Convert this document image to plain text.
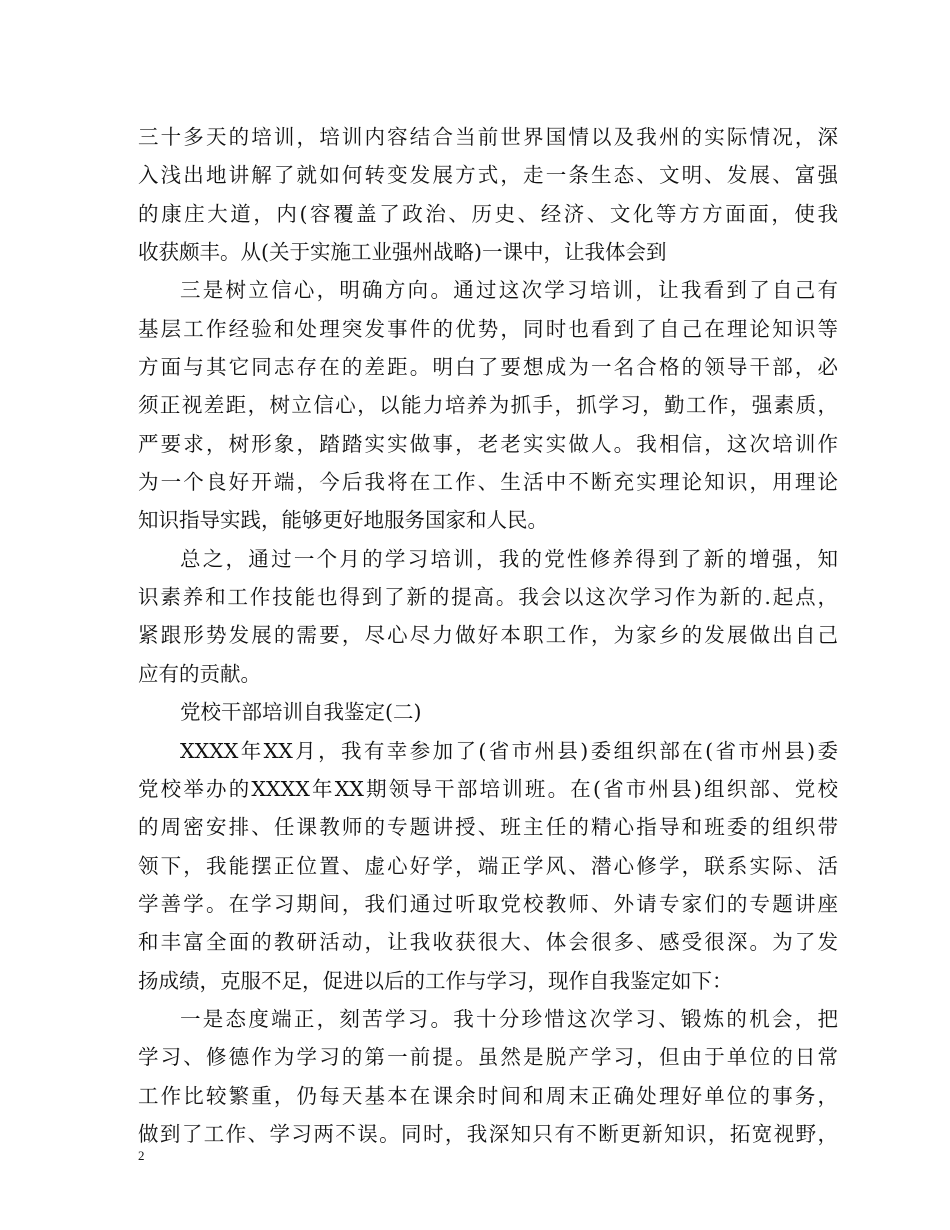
三十多天的培训，培训内容结合当前世界国情以及我州的实际情况，深
入浅出地讲解了就如何转变发展方式，走一条生态、文明、发展、富强
的康庄大道，内(容覆盖了政治、历史、经济、文化等方方面面，使我
收获颇丰。从(关于实施工业强州战略)一课中，让我体会到
三是树立信心，明确方向。通过这次学习培训，让我看到了自己有
基层工作经验和处理突发事件的优势，同时也看到了自己在理论知识等
方面与其它同志存在的差距。明白了要想成为一名合格的领导干部，必
须正视差距，树立信心，以能力培养为抓手，抓学习，勤工作，强素质，
严要求，树形象，踏踏实实做事，老老实实做人。我相信，这次培训作
为一个良好开端，今后我将在工作、生活中不断充实理论知识，用理论
知识指导实践，能够更好地服务国家和人民。
总之，通过一个月的学习培训，我的党性修养得到了新的增强，知
识素养和工作技能也得到了新的提高。我会以这次学习作为新的.起点，
紧跟形势发展的需要，尽心尽力做好本职工作，为家乡的发展做出自己
应有的贡献。
党校干部培训自我鉴定(二)
XXXX年XX月，我有幸参加了(省市州县)委组织部在(省市州县)委
党校举办的XXXX年XX期领导干部培训班。在(省市州县)组织部、党校
的周密安排、任课教师的专题讲授、班主任的精心指导和班委的组织带
领下，我能摆正位置、虚心好学，端正学风、潜心修学，联系实际、活
学善学。在学习期间，我们通过听取党校教师、外请专家们的专题讲座
和丰富全面的教研活动，让我收获很大、体会很多、感受很深。为了发
扬成绩，克服不足，促进以后的工作与学习，现作自我鉴定如下：
一是态度端正，刻苦学习。我十分珍惜这次学习、锻炼的机会，把
学习、修德作为学习的第一前提。虽然是脱产学习，但由于单位的日常
工作比较繁重，仍每天基本在课余时间和周末正确处理好单位的事务，
做到了工作、学习两不误。同时，我深知只有不断更新知识，拓宽视野，
2
